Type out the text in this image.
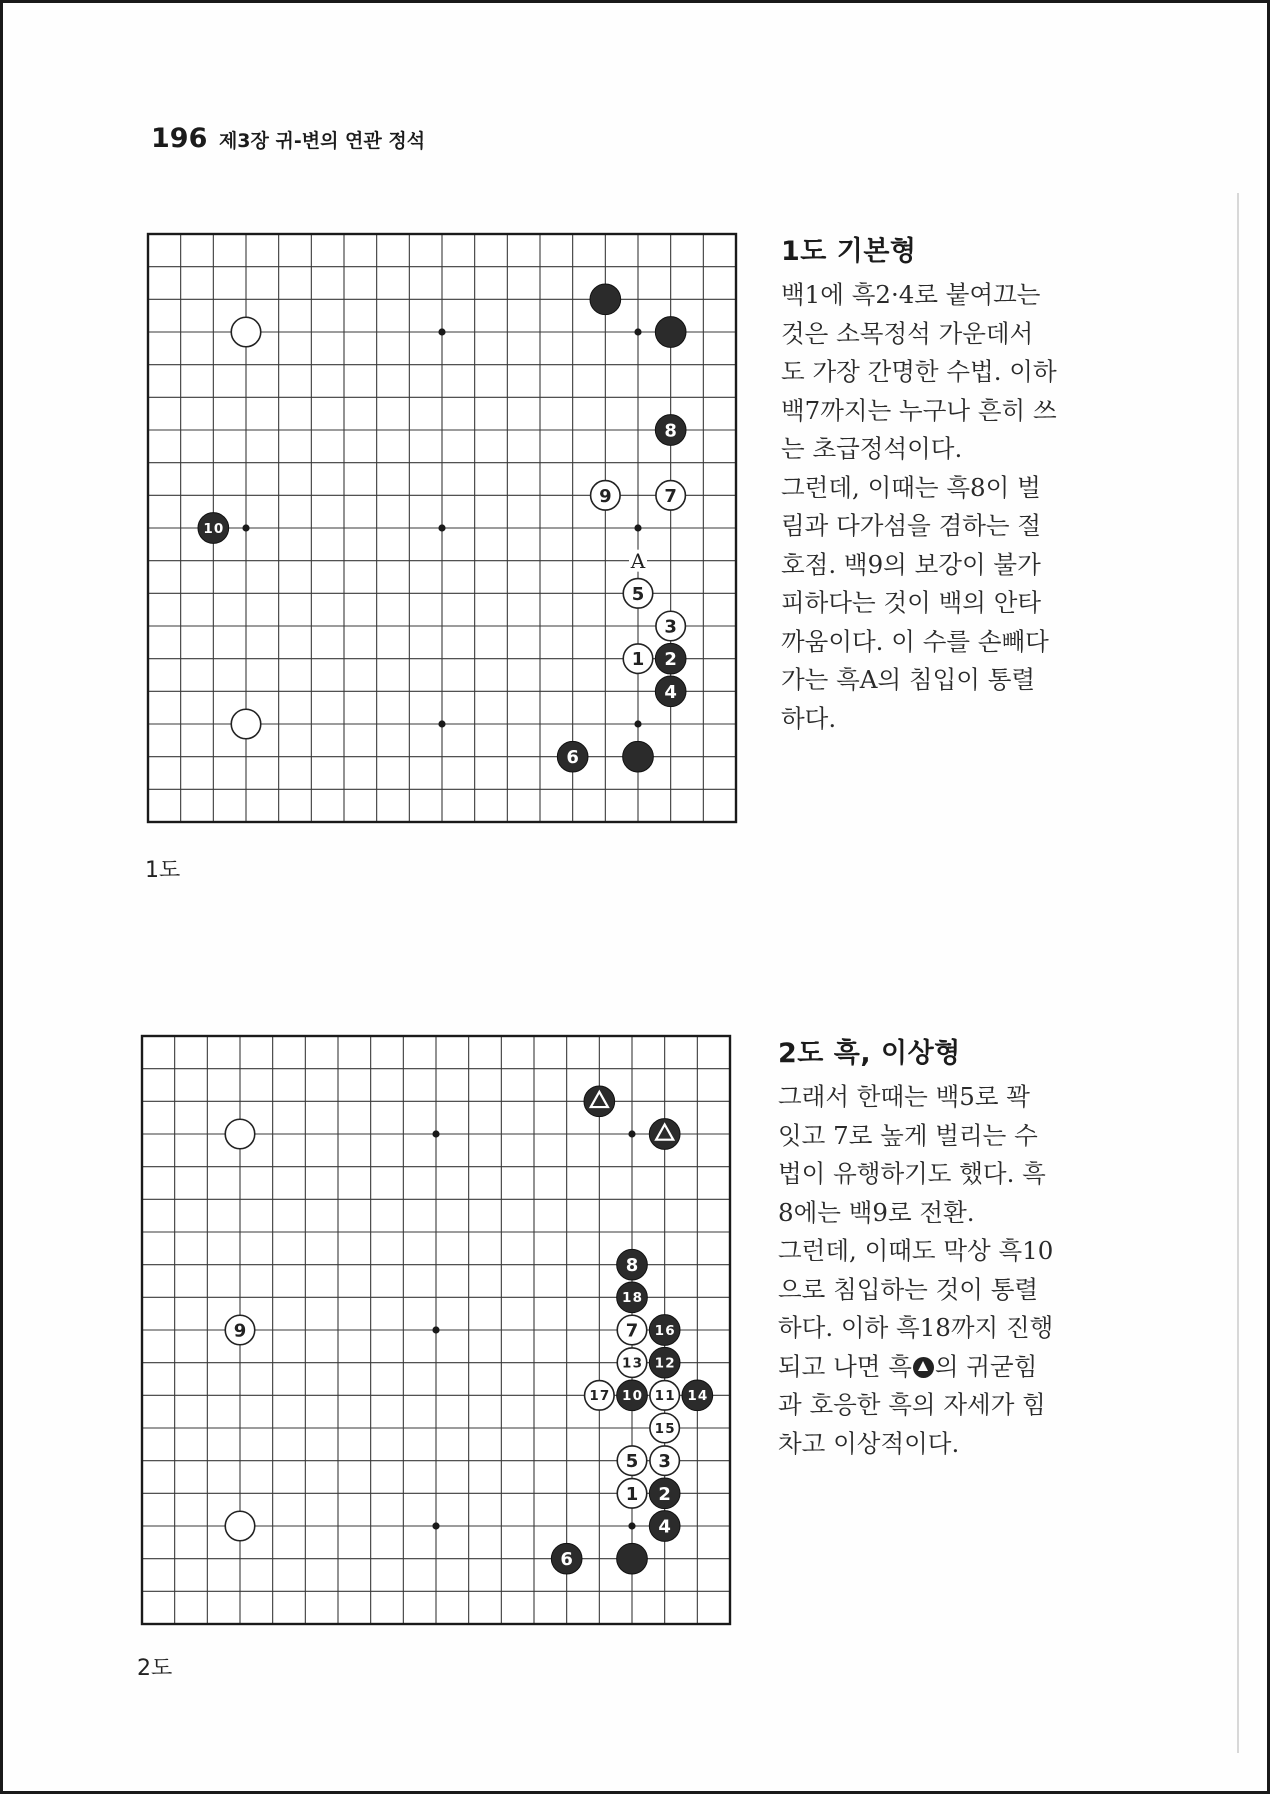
196 제3장 귀-변의 연관 정석
A
8
9	7
10
5
3
1 2
4
6
1도
1도 기본형

백1에 흑2·4로 붙여끄는
것은 소목정석 가운데서
도 가장 간명한 수법. 이하
백7까지는 누구나 흔히 쓰
는 초급정석이다.
그런데, 이때는 흑8이 벌
림과 다가섬을 겸하는 절
호점. 백9의 보강이 불가
피하다는 것이 백의 안타
까움이다. 이 수를 손빼다
가는 흑A의 침입이 통렬
하다.

8
18
9	7 16
13 12
17 10 11 14
15
5 3
1 2
4
6
2도
2도 흑, 이상형

그래서 한때는 백5로 꽉
잇고 7로 높게 벌리는 수
법이 유행하기도 했다. 흑
8에는 백9로 전환.
그런데, 이때도 막상 흑10
으로 침입하는 것이 통렬
하다. 이하 흑18까지 진행
되고 나면 흑 의 귀굳힘
과 호응한 흑의 자세가 힘
차고 이상적이다.
